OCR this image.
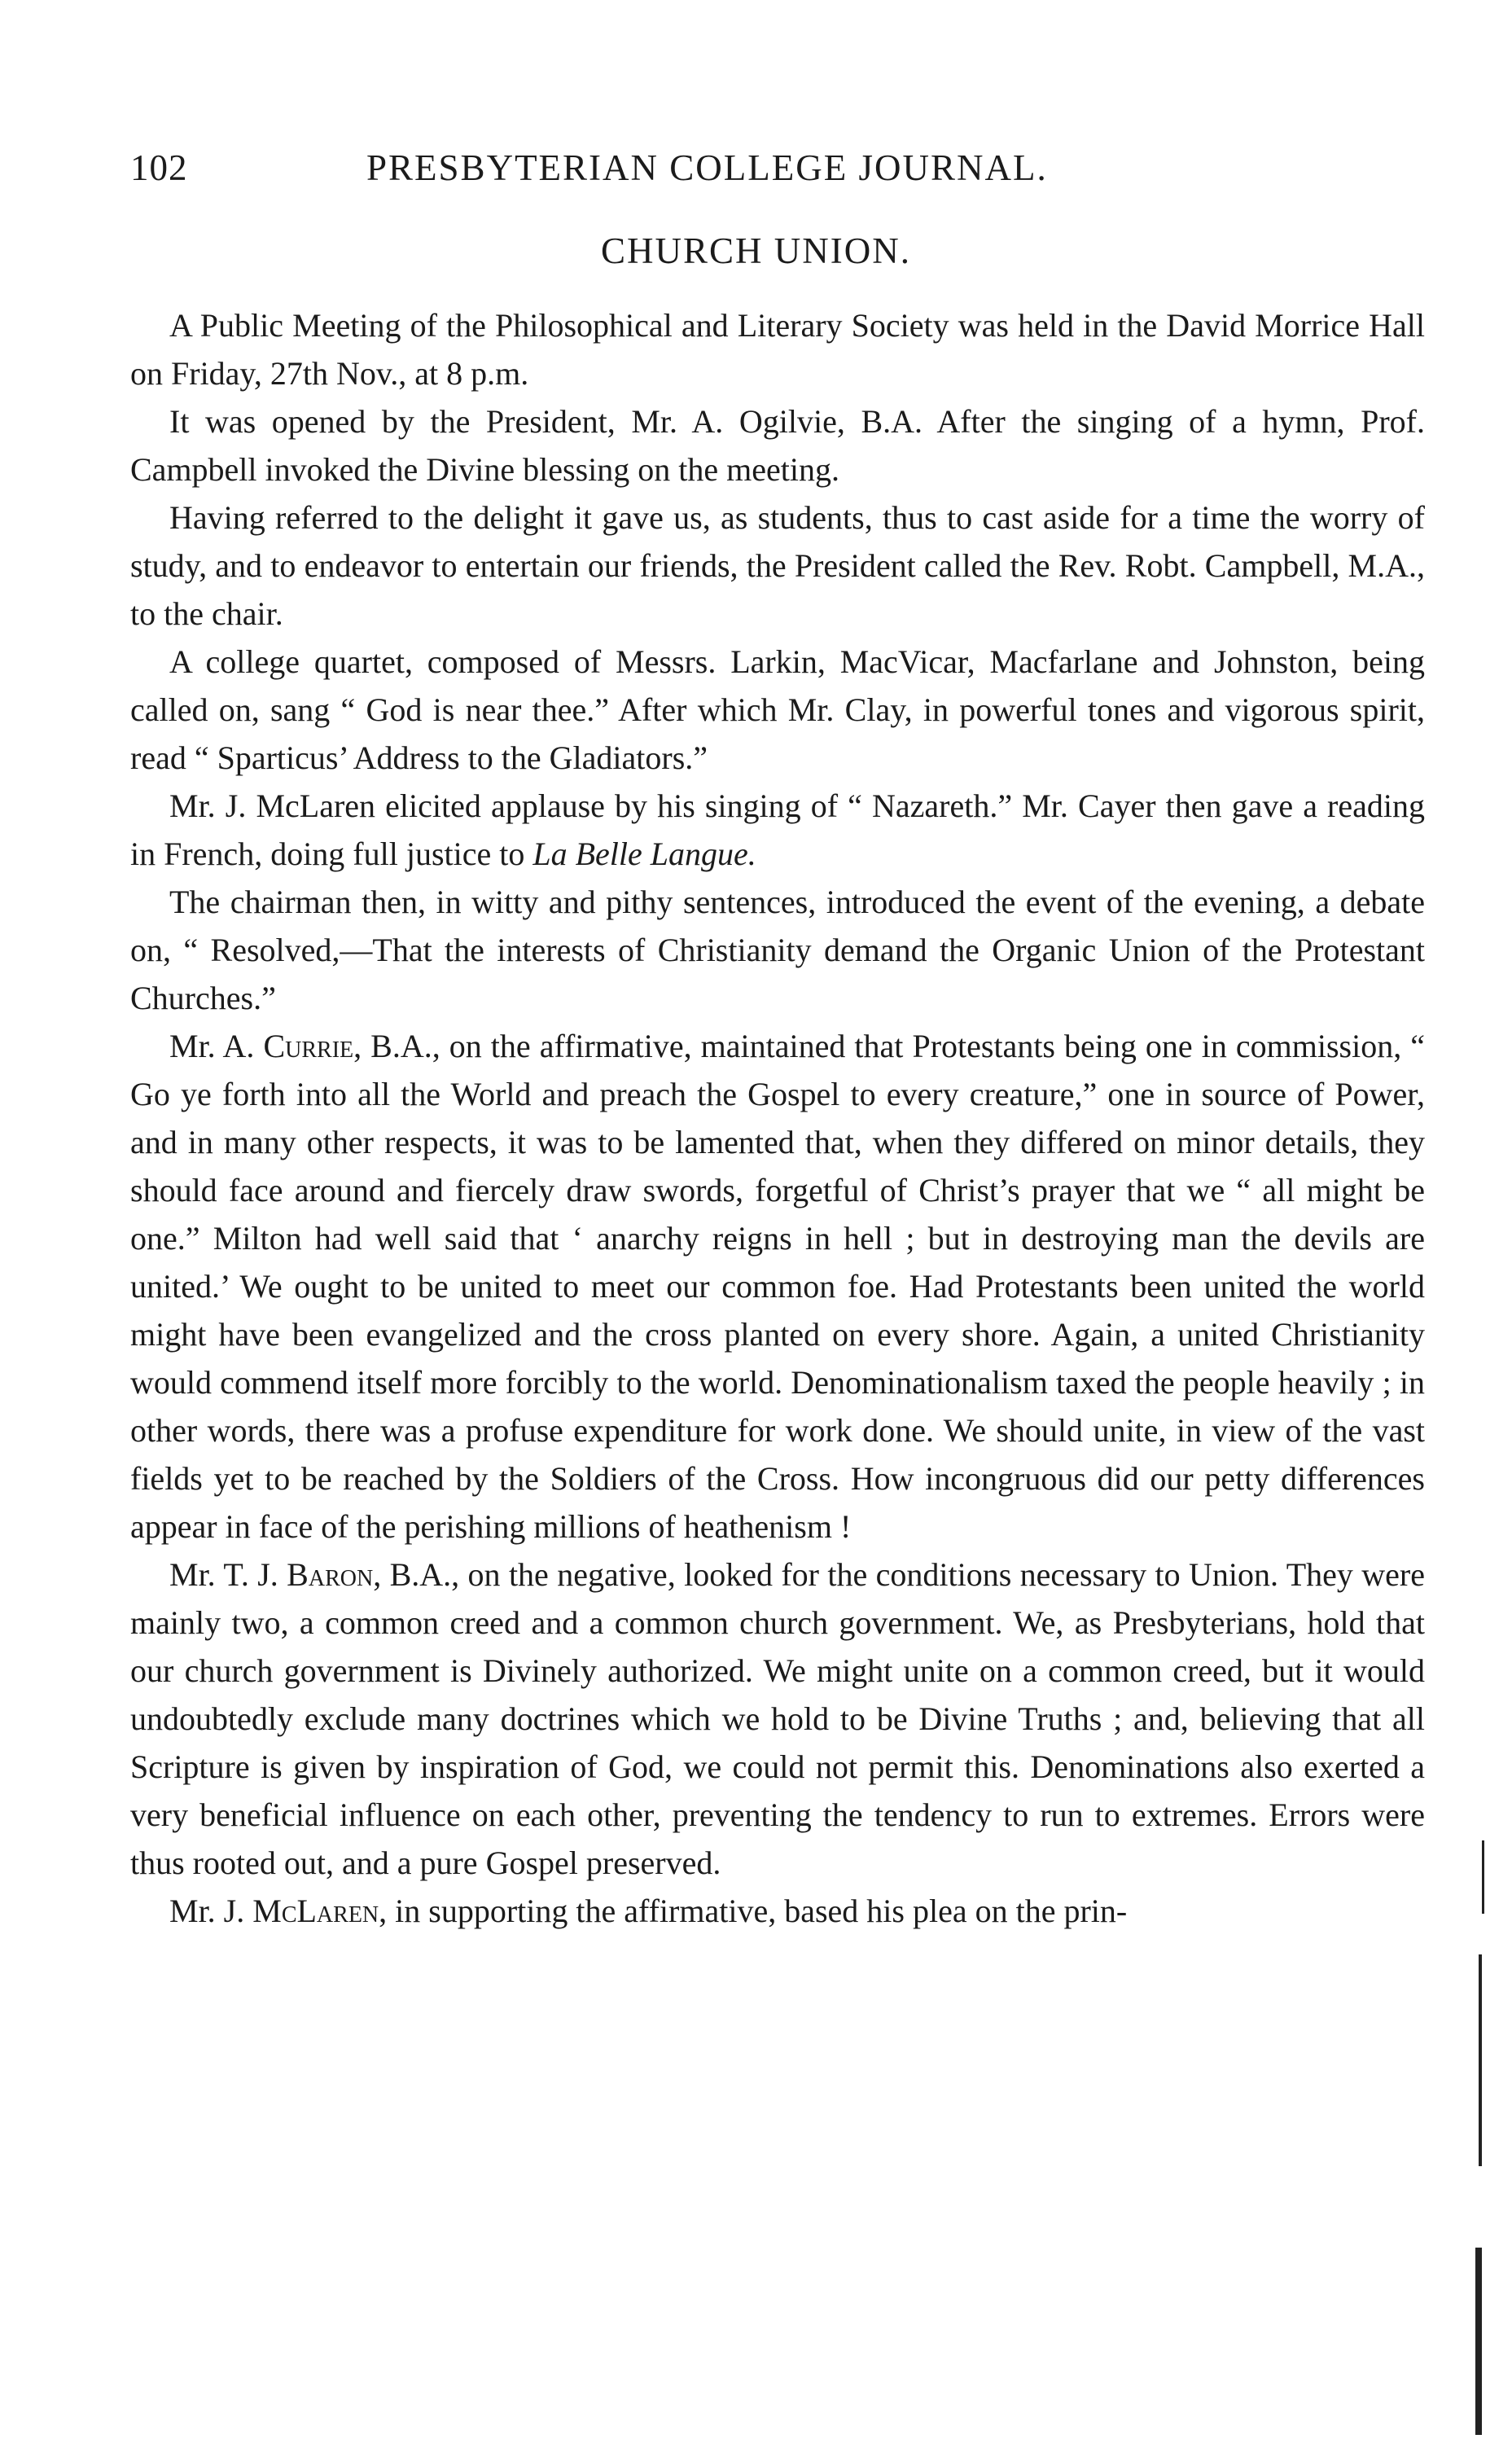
102	PRESBYTERIAN COLLEGE JOURNAL.
CHURCH UNION.

A Public Meeting of the Philosophical and Literary Society was held in the David Morrice Hall on Friday, 27th Nov., at 8 p.m.

It was opened by the President, Mr. A. Ogilvie, B.A. After the singing of a hymn, Prof. Campbell invoked the Divine blessing on the meeting.

Having referred to the delight it gave us, as students, thus to cast aside for a time the worry of study, and to endeavor to entertain our friends, the President called the Rev. Robt. Campbell, M.A., to the chair.

A college quartet, composed of Messrs. Larkin, MacVicar, Macfarlane and Johnston, being called on, sang “ God is near thee.” After which Mr. Clay, in powerful tones and vigorous spirit, read “ Sparticus’ Address to the Gladiators.”

Mr. J. McLaren elicited applause by his singing of “ Nazareth.” Mr. Cayer then gave a reading in French, doing full justice to La Belle Langue.

The chairman then, in witty and pithy sentences, introduced the event of the evening, a debate on, “ Resolved,—That the interests of Christianity demand the Organic Union of the Protestant Churches.”

Mr. A. Currie, B.A., on the affirmative, maintained that Protestants being one in commission, “ Go ye forth into all the World and preach the Gospel to every creature,” one in source of Power, and in many other respects, it was to be lamented that, when they differed on minor details, they should face around and fiercely draw swords, forgetful of Christ’s prayer that we “ all might be one.” Milton had well said that ‘ anarchy reigns in hell ; but in destroying man the devils are united.’ We ought to be united to meet our common foe. Had Protestants been united the world might have been evangelized and the cross planted on every shore. Again, a united Christianity would commend itself more forcibly to the world. Denominationalism taxed the people heavily ; in other words, there was a profuse expenditure for work done. We should unite, in view of the vast fields yet to be reached by the Soldiers of the Cross. How incongruous did our petty differences appear in face of the perishing millions of heathenism !

Mr. T. J. Baron, B.A., on the negative, looked for the conditions necessary to Union. They were mainly two, a common creed and a common church government. We, as Presbyterians, hold that our church government is Divinely authorized. We might unite on a common creed, but it would undoubtedly exclude many doctrines which we hold to be Divine Truths ; and, believing that all Scripture is given by inspiration of God, we could not permit this. Denominations also exerted a very beneficial influence on each other, preventing the tendency to run to extremes. Errors were thus rooted out, and a pure Gospel preserved.

Mr. J. McLaren, in supporting the affirmative, based his plea on the prin-
